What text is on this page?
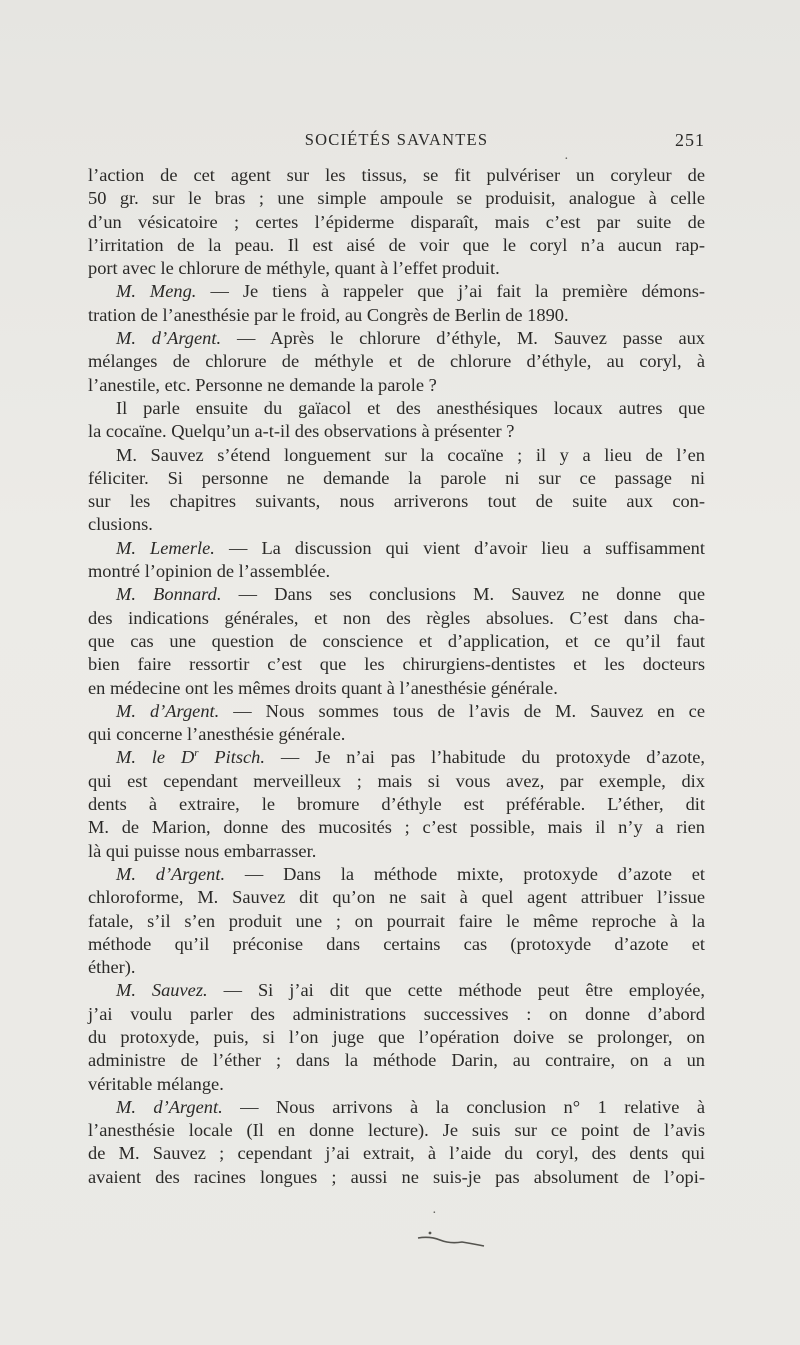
SOCIÉTÉS SAVANTES	251
l’action de cet agent sur les tissus, se fit pulvériser un coryleur de
50 gr. sur le bras ; une simple ampoule se produisit, analogue à celle
d’un vésicatoire ; certes l’épiderme disparaît, mais c’est par suite de
l’irritation de la peau. Il est aisé de voir que le coryl n’a aucun rap-
port avec le chlorure de méthyle, quant à l’effet produit.
M. Meng. — Je tiens à rappeler que j’ai fait la première démons-
tration de l’anesthésie par le froid, au Congrès de Berlin de 1890.
M. d’Argent. — Après le chlorure d’éthyle, M. Sauvez passe aux
mélanges de chlorure de méthyle et de chlorure d’éthyle, au coryl, à
l’anestile, etc. Personne ne demande la parole ?
Il parle ensuite du gaïacol et des anesthésiques locaux autres que
la cocaïne. Quelqu’un a-t-il des observations à présenter ?
M. Sauvez s’étend longuement sur la cocaïne ; il y a lieu de l’en
féliciter. Si personne ne demande la parole ni sur ce passage ni
sur les chapitres suivants, nous arriverons tout de suite aux con-
clusions.
M. Lemerle. — La discussion qui vient d’avoir lieu a suffisamment
montré l’opinion de l’assemblée.
M. Bonnard. — Dans ses conclusions M. Sauvez ne donne que
des indications générales, et non des règles absolues. C’est dans cha-
que cas une question de conscience et d’application, et ce qu’il faut
bien faire ressortir c’est que les chirurgiens-dentistes et les docteurs
en médecine ont les mêmes droits quant à l’anesthésie générale.
M. d’Argent. — Nous sommes tous de l’avis de M. Sauvez en ce
qui concerne l’anesthésie générale.
M. le $D^r$ Pitsch. — Je n’ai pas l’habitude du protoxyde d’azote,
qui est cependant merveilleux ; mais si vous avez, par exemple, dix
dents à extraire, le bromure d’éthyle est préférable. L’éther, dit
M. de Marion, donne des mucosités ; c’est possible, mais il n’y a rien
là qui puisse nous embarrasser.
M. d’Argent. — Dans la méthode mixte, protoxyde d’azote et
chloroforme, M. Sauvez dit qu’on ne sait à quel agent attribuer l’issue
fatale, s’il s’en produit une ; on pourrait faire le même reproche à la
méthode qu’il préconise dans certains cas (protoxyde d’azote et
éther).
M. Sauvez. — Si j’ai dit que cette méthode peut être employée,
j’ai voulu parler des administrations successives : on donne d’abord
du protoxyde, puis, si l’on juge que l’opération doive se prolonger, on
administre de l’éther ; dans la méthode Darin, au contraire, on a un
véritable mélange.
M. d’Argent. — Nous arrivons à la conclusion n° 1 relative à
l’anesthésie locale (Il en donne lecture). Je suis sur ce point de l’avis
de M. Sauvez ; cependant j’ai extrait, à l’aide du coryl, des dents qui
avaient des racines longues ; aussi ne suis-je pas absolument de l’opi-
·
·
